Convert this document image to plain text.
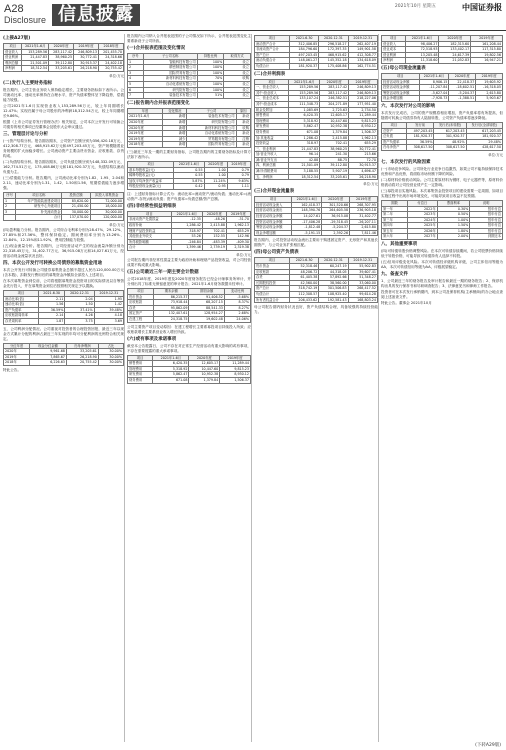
A28
Disclosure 信息披露	2021年10月 星期五	中国证券报
(上接A27版)
项目	2021年1-6月	2020年度	2019年度	2018年度
营业收入	153,289.56	283,117.42	246,809.13	201,455.70
营业利润	21,447.83	38,960.25	30,772.41	24,318.66
利润总额	21,501.09	39,112.80	30,915.37	24,402.18
净利润	18,312.54	33,205.61	26,218.90	20,755.42
单位:万元
(二)发行人主要财务指标
报告期内，公司主营业务收入保持稳定增长，主要财务指标如下表所示。公司流动比率、速动比率保持在合理水平，资产负债率整体呈下降趋势，偿债能力较强。
公司2021年1-6月实现营业收入153,289.56万元，较上年同期增长12.47%；实现归属于母公司股东的净利润18,312.54万元，较上年同期增长9.86%。
根据《上市公司证券发行管理办法》相关规定，公司本次公开发行可转换公司债券的相关事项已经董事会及股东大会审议通过。
三、管理层讨论与分析
(一)资产结构分析。报告期各期末，公司资产总额分别为356,420.18万元、412,308.77万元、468,915.62万元和497,203.45万元，资产规模随着业务规模的扩大而稳步增长。公司流动资产主要由货币资金、应收账款、存货构成。
(二)负债结构分析。报告期各期末，公司负债总额分别为148,332.09万元、162,774.51万元、175,408.86万元和181,920.37万元，负债结构以流动负债为主。
(三)偿债能力分析。报告期内，公司流动比率分别为1.82、1.95、2.04和2.11，速动比率分别为1.31、1.42、1.50和1.56，短期偿债能力逐步增强。
序号	项目名称	投资总额	拟投入募集资金
1	年产智能装备建设项目	85,620.00	72,000.00
2	研发中心升级项目	21,450.00	18,000.00
3	补充流动资金	30,000.00	30,000.00
	合计	137,070.00	120,000.00
单位:万元
(四)盈利能力分析。报告期内，公司综合毛利率分别为28.47%、29.12%、27.85%和27.36%，整体保持稳定。期间费用率分别为13.26%、12.84%、12.15%和11.92%，费用控制能力较强。
(五)现金流量分析。报告期内，公司经营活动产生的现金流量净额分别为22,318.45万元、31,402.77万元、36,915.08万元和14,027.61万元，经营活动现金流量状况良好。
四、本次公开发行可转换公司债券的募集资金用途
本次公开发行可转换公司债券募集资金总额不超过人民币120,000.00万元(含本数)，扣除发行费用后的募集资金净额拟全部投入上述项目。
在本次募集资金到位前，公司将根据募集资金投资项目的实际情况以自筹资金先行投入，并在募集资金到位后按照相关规定予以置换。
项目	2021.6.30	2020.12.31	2019.12.31
流动比率(倍)	2.11	2.04	1.95
速动比率(倍)	1.56	1.50	1.42
资产负债率	36.59%	37.41%	39.48%
应收账款周转率	2.14	4.26	4.18
存货周转率	1.87	3.75	3.69
五、公司利润分配情况。公司重视对投资者的合理投资回报，最近三年以现金方式累计分配的利润占最近三年实现的年均可分配利润的比例符合相关规定。
分红年度	现金分红金额	归母净利润	占比
2020年	9,961.68	33,205.61	30.00%
2019年	7,865.67	26,218.90	30.00%
2018年	6,226.63	20,755.42	30.00%
特此公告。
报告期内公司纳入合并报表范围的子公司情况如下所示，合并报表范围变化主要系新设子公司所致。
(一)合并报表范围及变化情况
序号	子公司名称	持股比例	取得方式
1	智能科技有限公司	100%	设立
2	精密制造有限公司	100%	设立
3	国际贸易有限公司	100%	设立
4	新材料科技有限公司	70%	收购
5	自动化系统有限公司	100%	设立
6	研究院有限公司	100%	设立
7	装备技术有限公司	51%	设立
(二)报告期内合并报表范围变化
年度	变化情况	子公司	原因
2021年1-6月	新增	装备技术有限公司	新设
2020年度	新增	研究院有限公司	新设
2020年度	新增	新材料科技有限公司	收购
2019年度	新增	自动化系统有限公司	新设
2019年度	减少	贸易服务有限公司	注销
2018年度	新增	国际贸易有限公司	新设
(三)最近三年及一期的主要财务指标，公司报告期内的主要财务指标及计算方法如下表所示。
项目	2021年1-6月	2020年度	2019年度
基本每股收益(元)	0.55	1.00	0.79
稀释每股收益(元)	0.55	1.00	0.79
加权平均净资产收益率	5.87%	11.24%	9.63%
每股经营现金流量(元)	0.42	0.95	1.11
注：上述财务指标计算公式为：流动比率=流动资产/流动负债；速动比率=(流动资产-存货)/流动负债；资产负债率=负债总额/资产总额。
(四)非经常性损益明细表
项目	2021年1-6月	2020年度	2019年度
非流动资产处置损益	-12.35	-48.26	-31.70
政府补助	1,286.42	2,415.88	1,962.13
理财产品投资收益	318.97	702.41	655.29
其他营业外收支	53.26	152.55	142.96
所得税影响额	-246.84	-483.39	-409.30
合计	1,399.46	2,739.19	2,319.38
单位:万元
公司报告期内非经常性损益主要为政府补助和理财产品投资收益，对公司经营成果不构成重大影响。
(五)公司最近三年一期主要会计数据
公司2018年度、2019年度及2020年度财务报告已经会计师事务所审计，并分别出具了标准无保留意见的审计报告；2021年1-6月财务数据未经审计。
项目	期末余额	期初余额	变动比例
货币资金	86,215.37	91,406.52	-5.68%
应收账款	73,918.44	68,207.15	8.37%
存货	95,862.09	88,541.33	8.27%
固定资产	132,407.61	128,954.27	2.68%
在建工程	24,318.75	19,602.48	24.06%
公司主要资产项目变动原因：在建工程增长主要系募投项目持续投入所致；应收账款增长主要系营业收入增长所致。
(六)或有事项及承诺事项
截至本公告披露日，公司不存在对正常生产经营活动有重大影响的或有事项，不存在需要披露的重大承诺事项。
项目	2021年1-6月	2020年度	2019年度
销售费用	6,420.35	12,605.17	11,289.44
管理费用	5,318.92	10,447.60	9,815.23
研发费用	5,862.47	10,952.38	8,930.12
财务费用	671.08	1,379.84	1,506.37
项目	2021.6.30	2020.12.31	2019.12.31
流动资产合计	312,406.85	296,518.27	262,407.19
非流动资产合计	184,796.60	172,397.35	149,901.58
资产总计	497,203.45	468,915.62	412,308.77
流动负债合计	148,061.27	145,352.18	134,618.09
负债合计	181,920.37	175,408.86	162,774.51
(二)合并利润表
项目	2021年1-6月	2020年度	2019年度
一、营业总收入	153,289.56	283,117.42	246,809.13
其中:营业收入	153,289.56	283,117.42	246,809.13
二、营业总成本	133,107.24	246,382.51	218,227.06
其中:营业成本	111,348.73	204,271.89	177,951.40
税金及附加	1,085.69	2,725.63	2,734.50
销售费用	6,420.35	12,605.17	11,289.44
管理费用	5,318.92	10,447.60	9,815.23
研发费用	5,862.47	10,952.38	8,930.12
财务费用	671.08	1,379.84	1,506.37
加:其他收益	1,286.42	2,415.88	1,962.13
投资收益	318.97	702.41	655.29
三、营业利润	21,447.83	38,960.25	30,772.41
加:营业外收入	96.14	241.30	215.66
减:营业外支出	42.88	88.75	72.70
四、利润总额	21,501.09	39,112.80	30,915.37
减:所得税费用	3,188.55	5,907.19	4,696.47
五、净利润	18,312.54	33,205.61	26,218.90
单位:万元
(三)合并现金流量表
项目	2021年1-6月	2020年度	2019年度
经营活动现金流入	162,418.37	301,520.66	268,307.95
经营活动现金流出	148,390.76	264,605.58	236,905.18
经营活动现金净额	14,027.61	36,915.08	31,402.77
投资活动现金净额	-17,406.28	-29,318.45	-26,207.11
筹资活动现金净额	-1,812.48	-5,204.37	2,615.80
现金净增加额	-5,191.15	2,392.26	7,811.46
报告期内，公司投资活动现金流出主要用于购建固定资产、无形资产和其他长期资产，与公司业务扩张相匹配。
(四)母公司资产负债表
项目	2021.6.30	2020.12.31	2019.12.31
货币资金	52,318.46	60,247.19	55,902.83
应收账款	48,206.72	44,318.05	39,607.41
存货	61,405.38	57,892.66	51,348.27
长期股权投资	42,560.00	38,560.00	33,060.00
资产总计	318,742.19	301,506.83	268,417.52
负债合计	112,308.57	108,925.40	99,614.28
所有者权益合计	206,433.62	192,581.43	168,803.24
母公司报告期内财务状况良好，资产负债结构合理，具备较强的持续经营能力。
项目	2021年1-6月	2020年度	2019年度
营业收入	98,406.27	182,315.60	161,208.44
营业成本	72,518.93	133,402.17	117,315.80
营业利润	13,205.48	24,617.39	19,802.56
净利润	11,318.60	21,052.83	16,947.21
(五)母公司现金流量表
项目	2021年1-6月	2020年度	2019年度
经营活动现金净额	8,906.15	22,418.37	19,605.92
投资活动现金净额	-11,207.84	-18,602.51	-16,318.05
筹资活动现金净额	-5,627.04	-5,204.37	2,615.80
现金净增加额	-7,928.73	-1,388.51	5,903.67
六、本次发行对公司的影响
本次发行完成后，公司的资产规模将相应增加，资产负债率将有所提高，但随着可转换公司债券持有人陆续转股，公司资产负债率将逐步降低。
项目	发行前	发行后(未转股)	发行后(全部转股)
总资产	497,203.45	617,203.45	617,203.45
总负债	181,920.37	301,920.37	181,920.37
资产负债率	36.59%	48.92%	29.48%
归母净资产	308,617.50	308,617.50	428,617.50
单位:万元
七、本次发行的风险因素
(一)市场竞争风险。公司所处行业竞争日趋激烈，如果公司不能持续保持技术优势和产品优势，将面临市场份额下降的风险。
(二)原材料价格波动风险。公司主要原材料为钢材、电子元器件等，原材料价格波动将对公司经营业绩产生一定影响。
(三)募投项目实施风险。本次募集资金投资项目的建设需要一定周期，如项目实施过程中出现市场环境变化，可能导致项目收益不及预期。
期数	付息日	票面利率	说明
第一年	2022年	0.30%	按年付息
第二年	2023年	0.50%	按年付息
第三年	2024年	1.00%	按年付息
第四年	2025年	1.50%	按年付息
第五年	2026年	1.80%	按年付息
第六年	2027年	2.00%	到期还本
八、其他重要事项
(四)可转债转股价格调整风险。在本次可转债存续期间，若公司股票价格持续低于转股价格，可能导致可转债持有人选择不转股。
(五)信用评级变化风险。本次可转债经评级机构评级，公司主体信用等级为AA，本次可转债信用等级为AA，评级展望稳定。
九、备查文件
1、公司最近三年的财务报告及审计报告和最近一期的财务报告；2、保荐机构出具的发行保荐书和尽职调查报告；3、法律意见书和律师工作报告。
投资者可在本次发行承销期内，到本公司及保荐机构(主承销商)的办公地点查阅上述备查文件。
特此公告。董事会 2021年10月
(下转A29版)
